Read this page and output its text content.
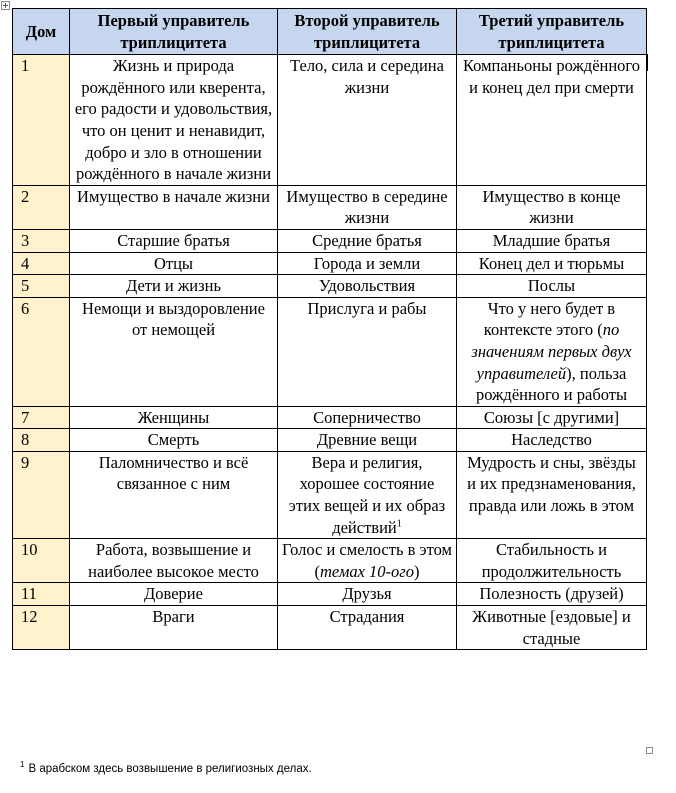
Дом	Первый управитель триплицитета	Второй управитель триплицитета	Третий управитель триплицитета
1	Жизнь и природа рождённого или кверента, его радости и удовольствия, что он ценит и ненавидит, добро и зло в отношении рождённого в начале жизни	Тело, сила и середина жизни	Компаньоны рождённого и конец дел при смерти
2	Имущество в начале жизни	Имущество в середине жизни	Имущество в конце жизни
3	Старшие братья	Средние братья	Младшие братья
4	Отцы	Города и земли	Конец дел и тюрьмы
5	Дети и жизнь	Удовольствия	Послы
6	Немощи и выздоровление от немощей	Прислуга и рабы	Что у него будет в контексте этого (по значениям первых двух управителей), польза рождённого и работы
7	Женщины	Соперничество	Союзы [с другими]
8	Смерть	Древние вещи	Наследство
9	Паломничество и всё связанное с ним	Вера и религия, хорошее состояние этих вещей и их образ действий$^1$	Мудрость и сны, звёзды и их предзнаменования, правда или ложь в этом
10	Работа, возвышение и наиболее высокое место	Голос и смелость в этом (темах 10-ого)	Стабильность и продолжительность
11	Доверие	Друзья	Полезность (друзей)
12	Враги	Страдания	Животные [ездовые] и стадные
$^1$ В арабском здесь возвышение в религиозных делах.
